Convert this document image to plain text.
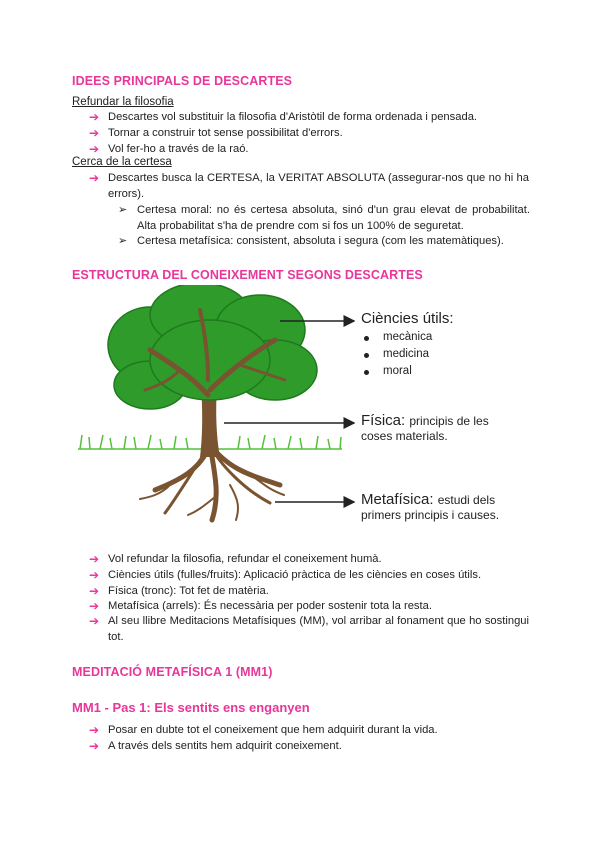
IDEES PRINCIPALS DE DESCARTES
Refundar la filosofia
➔ Descartes vol substituir la filosofia d'Aristòtil de forma ordenada i pensada.
➔ Tornar a construir tot sense possibilitat d'errors.
➔ Vol fer-ho a través de la raó.
Cerca de la certesa
➔ Descartes busca la CERTESA, la VERITAT ABSOLUTA (assegurar-nos que no hi ha errors).
➢ Certesa moral: no és certesa absoluta, sinó d'un grau elevat de probabilitat. Alta probabilitat s'ha de prendre com si fos un 100% de seguretat.
➢ Certesa metafísica: consistent, absoluta i segura (com les matemàtiques).
ESTRUCTURA DEL CONEIXEMENT SEGONS DESCARTES
Ciències útils:
mecànica
medicina
moral
Física: principis de les
coses materials.
Metafísica: estudi dels
primers principis i causes.
➔ Vol refundar la filosofia, refundar el coneixement humà.
➔ Ciències útils (fulles/fruits): Aplicació pràctica de les ciències en coses útils.
➔ Física (tronc): Tot fet de matèria.
➔ Metafísica (arrels): És necessària per poder sostenir tota la resta.
➔ Al seu llibre Meditacions Metafísiques (MM), vol arribar al fonament que ho sostingui tot.
MEDITACIÓ METAFÍSICA 1 (MM1)
MM1 - Pas 1: Els sentits ens enganyen
➔ Posar en dubte tot el coneixement que hem adquirit durant la vida.
➔ A través dels sentits hem adquirit coneixement.
